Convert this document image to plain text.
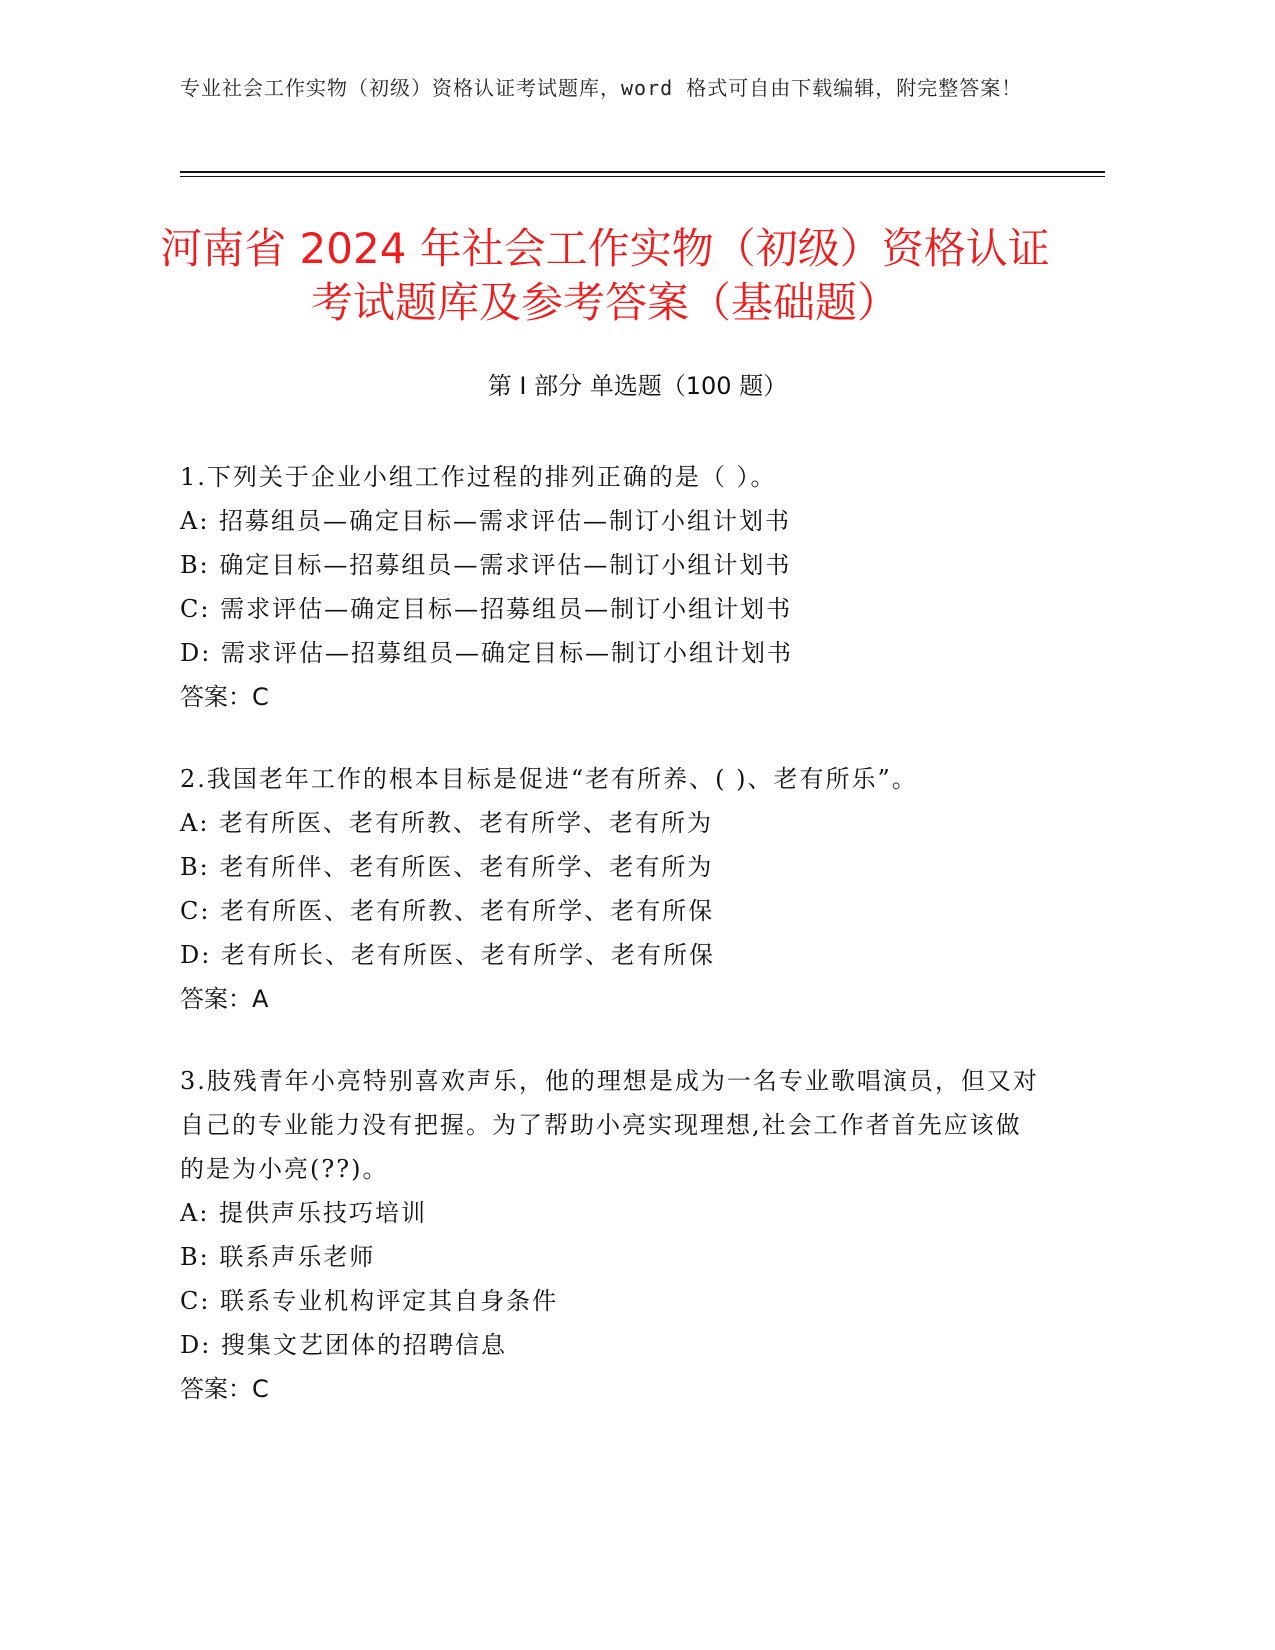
专业社会工作实物（初级）资格认证考试题库，word 格式可自由下载编辑，附完整答案！
河南省 2024 年社会工作实物（初级）资格认证考试题库及参考答案（基础题）
第 I 部分 单选题（100 题）

1.下列关于企业小组工作过程的排列正确的是（ ）。

A: 招募组员—确定目标—需求评估—制订小组计划书

B: 确定目标—招募组员—需求评估—制订小组计划书

C: 需求评估—确定目标—招募组员—制订小组计划书

D: 需求评估—招募组员—确定目标—制订小组计划书

答案：C

2.我国老年工作的根本目标是促进“老有所养、( )、老有所乐”。

A: 老有所医、老有所教、老有所学、老有所为

B: 老有所伴、老有所医、老有所学、老有所为

C: 老有所医、老有所教、老有所学、老有所保

D: 老有所长、老有所医、老有所学、老有所保

答案：A

3.肢残青年小亮特别喜欢声乐，他的理想是成为一名专业歌唱演员，但又对自己的专业能力没有把握。为了帮助小亮实现理想,社会工作者首先应该做的是为小亮(??)。

A: 提供声乐技巧培训

B: 联系声乐老师

C: 联系专业机构评定其自身条件

D: 搜集文艺团体的招聘信息

答案：C
